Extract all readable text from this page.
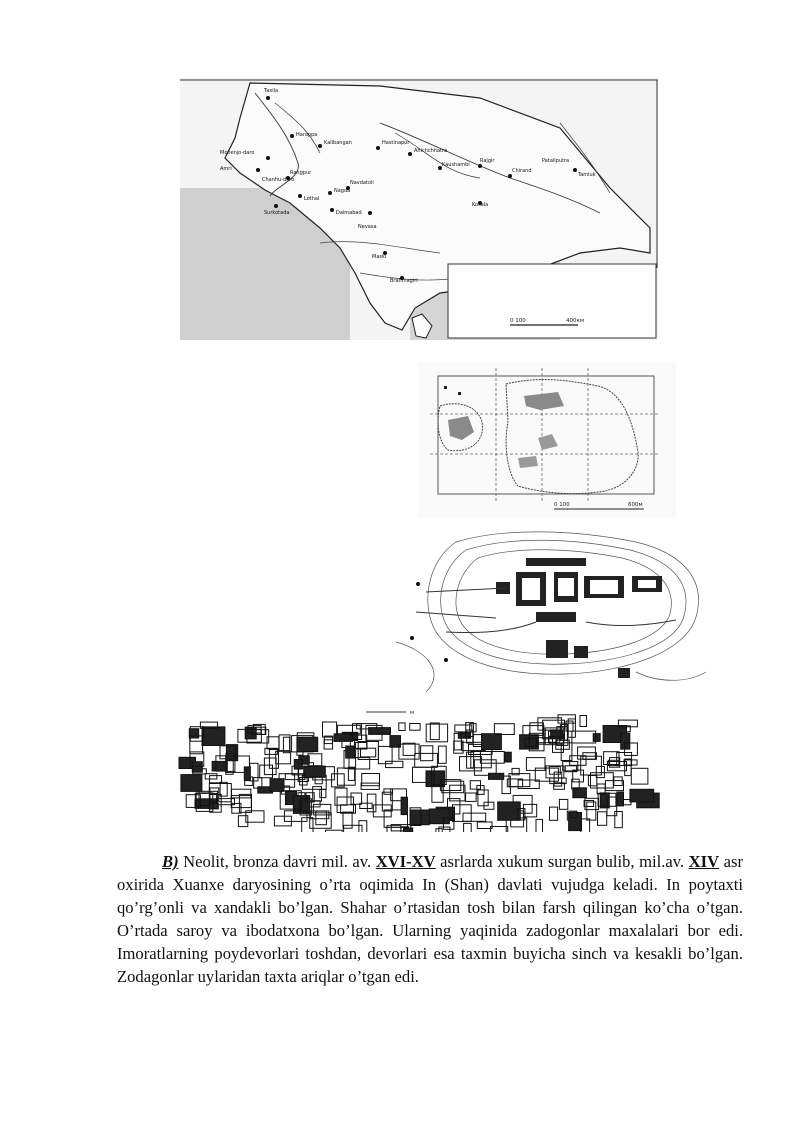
Taxila
Harappa
Mohenjo-daro
Amri
Chanhu-daro
Kalibangan
Lothal
Rangpur
Surkotada
Nagda
Navdatoli
Daimabad
Nevasa
Maski
Brahmagiri
Hastinapur
Ahichchhatra
Kaushambi
Rajgir
Chirand
Pataliputra
Tamluk
Kosala
0 100	400км
0 100	600м
м

B) Neolit, bronza davri mil. av. XVI-XV asrlarda xukum surgan bulib, mil.av. XIV asr oxirida Xuanxe daryosining o’rta oqimida In (Shan) davlati vujudga keladi. In poytaxti qo’rg’onli va xandakli bo’lgan. Shahar o’rtasidan tosh bilan farsh qilingan ko’cha o’tgan. O’rtada saroy va ibodatxona bo’lgan. Ularning yaqinida zadogonlar maxalalari bor edi. Imoratlarning poydevorlari toshdan, devorlari esa taxmin buyicha sinch va kesakli bo’lgan. Zodagonlar uylaridan taxta ariqlar o’tgan edi.
